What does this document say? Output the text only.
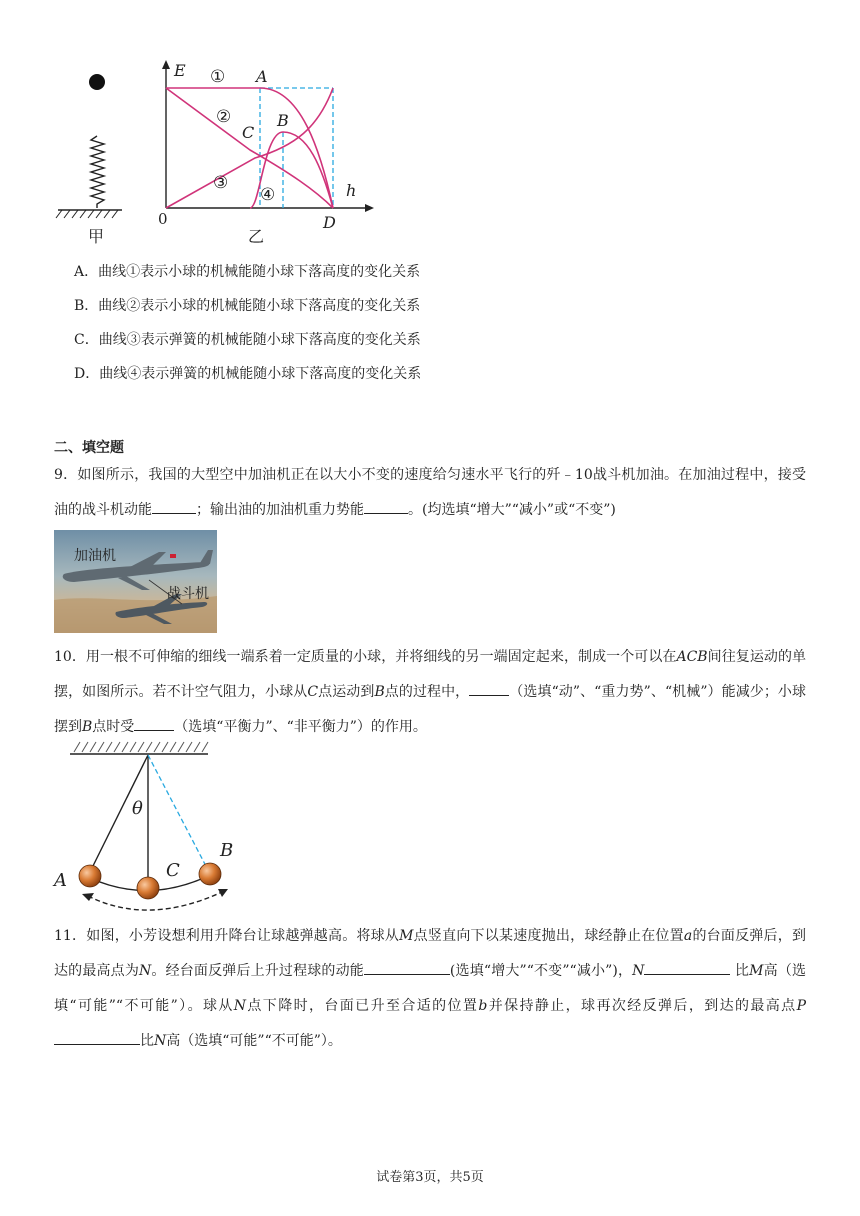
甲
E
h
0
乙
A
B
C
D
①
②
③
④
A．曲线①表示小球的机械能随小球下落高度的变化关系
B．曲线②表示小球的机械能随小球下落高度的变化关系
C．曲线③表示弹簧的机械能随小球下落高度的变化关系
D．曲线④表示弹簧的机械能随小球下落高度的变化关系
二、填空题
9．如图所示，我国的大型空中加油机正在以大小不变的速度给匀速水平飞行的歼﹣10战斗机加油。在加油过程中，接受油的战斗机动能	；输出油的加油机重力势能	。(均选填“增大”“减小”或“不变”)
加油机
战斗机
10．用一根不可伸缩的细线一端系着一定质量的小球，并将细线的另一端固定起来，制成一个可以在ACB间往复运动的单摆，如图所示。若不计空气阻力，小球从C点运动到B点的过程中，	（选填“动”、“重力势”、“机械”）能减少；小球摆到B点时受	（选填“平衡力”、“非平衡力”）的作用。
θ
A
B
C
11．如图，小芳设想利用升降台让球越弹越高。将球从M点竖直向下以某速度抛出，球经静止在位置a的台面反弹后，到达的最高点为N。经台面反弹后上升过程球的动能	(选填“增大”“不变”“减小”)，N	比M高（选填“可能”“不可能”）。球从N点下降时，台面已升至合适的位置b并保持静止，球再次经反弹后，到达的最高点P比N高（选填“可能”“不可能”）。
试卷第3页，共5页
